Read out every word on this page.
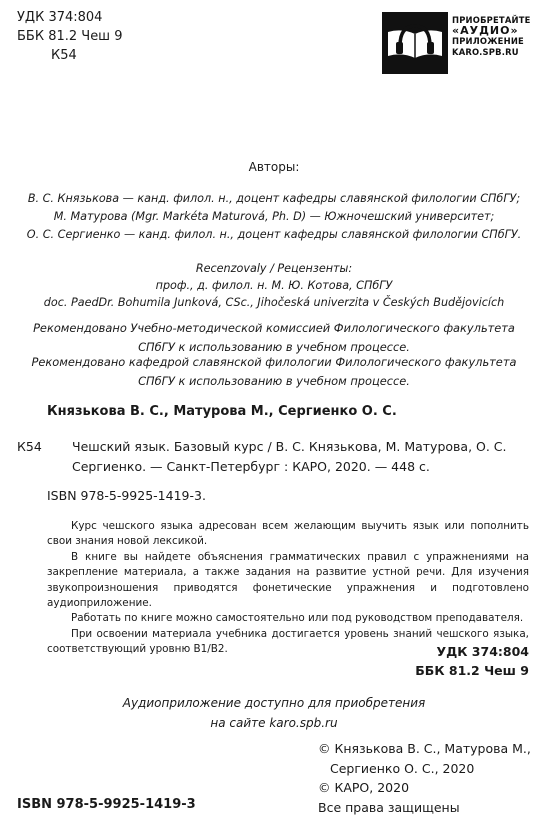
УДК 374:804
ББК 81.2 Чеш 9
К54
ПРИОБРЕТАЙТЕ
«АУДИО»
ПРИЛОЖЕНИЕ
KARO.SPB.RU
Авторы:
В. С. Князькова — канд. филол. н., доцент кафедры славянской филологии СПбГУ;
М. Матурова (Mgr. Markéta Maturová, Ph. D) — Южночешский университет;
О. С. Сергиенко — канд. филол. н., доцент кафедры славянской филологии СПбГУ.
Recenzovaly / Рецензенты:
проф., д. филол. н. М. Ю. Котова, СПбГУ
doc. PaedDr. Bohumila Junková, CSc., Jihočeská univerzita v Českých Budějovicích
Рекомендовано Учебно-методической комиссией Филологического факультета СПбГУ к использованию в учебном процессе.
Рекомендовано кафедрой славянской филологии Филологического факультета СПбГУ к использованию в учебном процессе.
Князькова В. С., Матурова М., Сергиенко О. С.
К54 Чешский язык. Базовый курс / В. С. Князькова, М. Матурова, О. С. Сергиенко. — Санкт-Петербург : КАРО, 2020. — 448 с.
ISBN 978-5-9925-1419-3.

Курс чешского языка адресован всем желающим выучить язык или пополнить свои знания новой лексикой.

В книге вы найдете объяснения грамматических правил с упражнениями на закрепление материала, а также задания на развитие устной речи. Для изучения звукопроизношения приводятся фонетические упражнения и подготовлено аудиоприложение.

Работать по книге можно самостоятельно или под руководством преподавателя.

При освоении материала учебника достигается уровень знаний чешского языка, соответствующий уровню В1/В2.	УДК 374:804
ББК 81.2 Чеш 9
Аудиоприложение доступно для приобретения
на сайте karo.spb.ru
© Князькова В. С., Матурова М.,
Сергиенко О. С., 2020
© КАРО, 2020
Все права защищены
ISBN 978-5-9925-1419-3
